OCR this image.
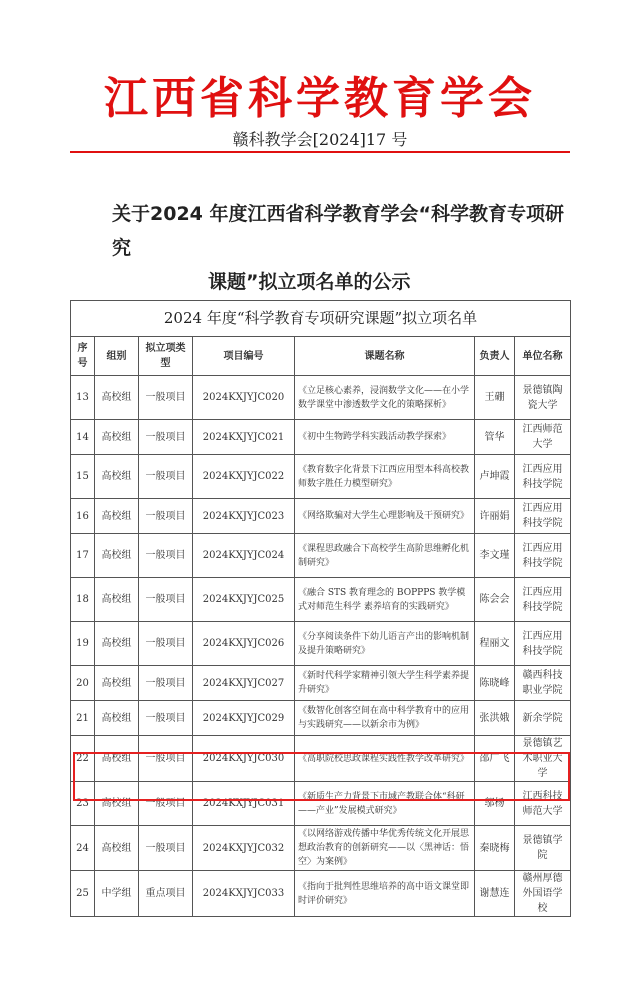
江西省科学教育学会
赣科教学会[2024]17 号
关于2024 年度江西省科学教育学会“科学教育专项研究
课题”拟立项名单的公示
2024 年度“科学教育专项研究课题”拟立项名单						
序号	组别	拟立项类型	项目编号	课题名称	负责人	单位名称
13	高校组	一般项目	2024KXJYJC020	《立足核心素养，浸润数学文化——在小学数学课堂中渗透数学文化的策略探析》	王硼	景德镇陶瓷大学
14	高校组	一般项目	2024KXJYJC021	《初中生物跨学科实践活动教学探索》	管华	江西师范大学
15	高校组	一般项目	2024KXJYJC022	《教育数字化背景下江西应用型本科高校教师数字胜任力模型研究》	卢坤霞	江西应用科技学院
16	高校组	一般项目	2024KXJYJC023	《网络欺骗对大学生心理影响及干预研究》	许丽娟	江西应用科技学院
17	高校组	一般项目	2024KXJYJC024	《课程思政融合下高校学生高阶思维孵化机制研究》	李文瑾	江西应用科技学院
18	高校组	一般项目	2024KXJYJC025	《融合 STS 教育理念的 BOPPPS 教学模式对师范生科学 素养培育的实践研究》	陈会会	江西应用科技学院
19	高校组	一般项目	2024KXJYJC026	《分享阅读条件下幼儿语言产出的影响机制及提升策略研究》	程丽文	江西应用科技学院
20	高校组	一般项目	2024KXJYJC027	《新时代科学家精神引领大学生科学素养提升研究》	陈晓峰	赣西科技职业学院
21	高校组	一般项目	2024KXJYJC029	《数智化创客空间在高中科学教育中的应用与实践研究——以新余市为例》	张洪娥	新余学院
22	高校组	一般项目	2024KXJYJC030	《高职院校思政课程实践性教学改革研究》	邵广飞	景德镇艺术职业大学
23	高校组	一般项目	2024KXJYJC031	《新质生产力背景下市域产教联合体“科研——产业”发展模式研究》	邬杨	江西科技师范大学
24	高校组	一般项目	2024KXJYJC032	《以网络游戏传播中华优秀传统文化开展思想政治教育的创新研究——以〈黑神话：悟空〉为案例》	秦晓梅	景德镇学院
25	中学组	重点项目	2024KXJYJC033	《指向于批判性思维培养的高中语文课堂即时评价研究》	谢慧连	赣州厚德外国语学校
